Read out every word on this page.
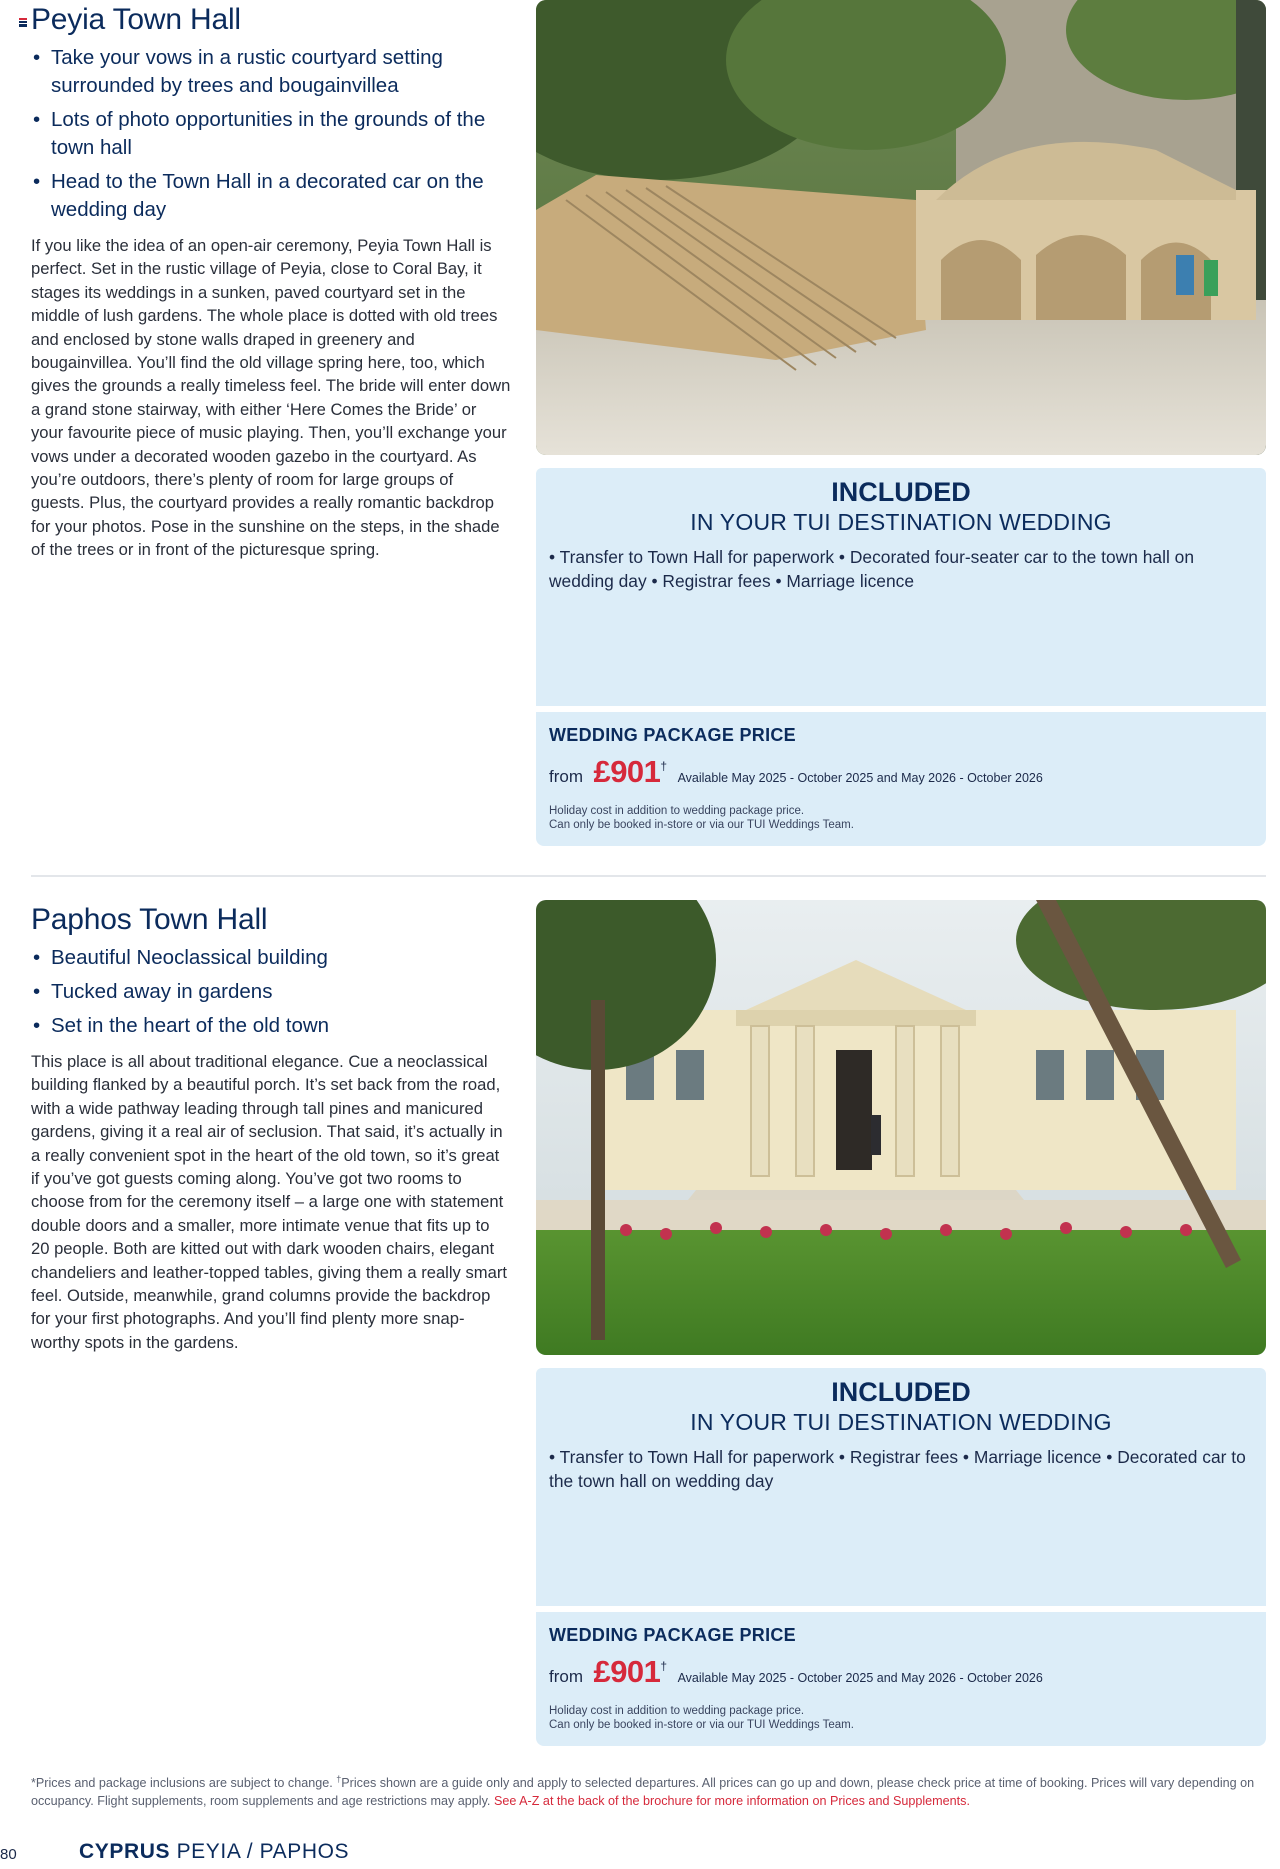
Peyia Town Hall
• Take your vows in a rustic courtyard setting surrounded by trees and bougainvillea
• Lots of photo opportunities in the grounds of the town hall
• Head to the Town Hall in a decorated car on the wedding day

If you like the idea of an open-air ceremony, Peyia Town Hall is perfect. Set in the rustic village of Peyia, close to Coral Bay, it stages its weddings in a sunken, paved courtyard set in the middle of lush gardens. The whole place is dotted with old trees and enclosed by stone walls draped in greenery and bougainvillea. You’ll find the old village spring here, too, which gives the grounds a really timeless feel. The bride will enter down a grand stone stairway, with either ‘Here Comes the Bride’ or your favourite piece of music playing. Then, you’ll exchange your vows under a decorated wooden gazebo in the courtyard. As you’re outdoors, there’s plenty of room for large groups of guests. Plus, the courtyard provides a really romantic backdrop for your photos. Pose in the sunshine on the steps, in the shade of the trees or in front of the picturesque spring.

INCLUDED
IN YOUR TUI DESTINATION WEDDING
• Transfer to Town Hall for paperwork • Decorated four-seater car to the town hall on wedding day • Registrar fees • Marriage licence
WEDDING PACKAGE PRICE
from £901† Available May 2025 - October 2025 and May 2026 - October 2026
Holiday cost in addition to wedding package price.
Can only be booked in-store or via our TUI Weddings Team.
Paphos Town Hall
• Beautiful Neoclassical building
• Tucked away in gardens
• Set in the heart of the old town

This place is all about traditional elegance. Cue a neoclassical building flanked by a beautiful porch. It’s set back from the road, with a wide pathway leading through tall pines and manicured gardens, giving it a real air of seclusion. That said, it’s actually in a really convenient spot in the heart of the old town, so it’s great if you’ve got guests coming along. You’ve got two rooms to choose from for the ceremony itself – a large one with statement double doors and a smaller, more intimate venue that fits up to 20 people. Both are kitted out with dark wooden chairs, elegant chandeliers and leather-topped tables, giving them a really smart feel. Outside, meanwhile, grand columns provide the backdrop for your first photographs. And you’ll find plenty more snap-worthy spots in the gardens.

INCLUDED
IN YOUR TUI DESTINATION WEDDING
• Transfer to Town Hall for paperwork • Registrar fees • Marriage licence • Decorated car to the town hall on wedding day
WEDDING PACKAGE PRICE
from £901† Available May 2025 - October 2025 and May 2026 - October 2026
Holiday cost in addition to wedding package price.
Can only be booked in-store or via our TUI Weddings Team.
*Prices and package inclusions are subject to change. †Prices shown are a guide only and apply to selected departures. All prices can go up and down, please check price at time of booking. Prices will vary depending on occupancy. Flight supplements, room supplements and age restrictions may apply. See A-Z at the back of the brochure for more information on Prices and Supplements.
80	CYPRUS PEYIA / PAPHOS
